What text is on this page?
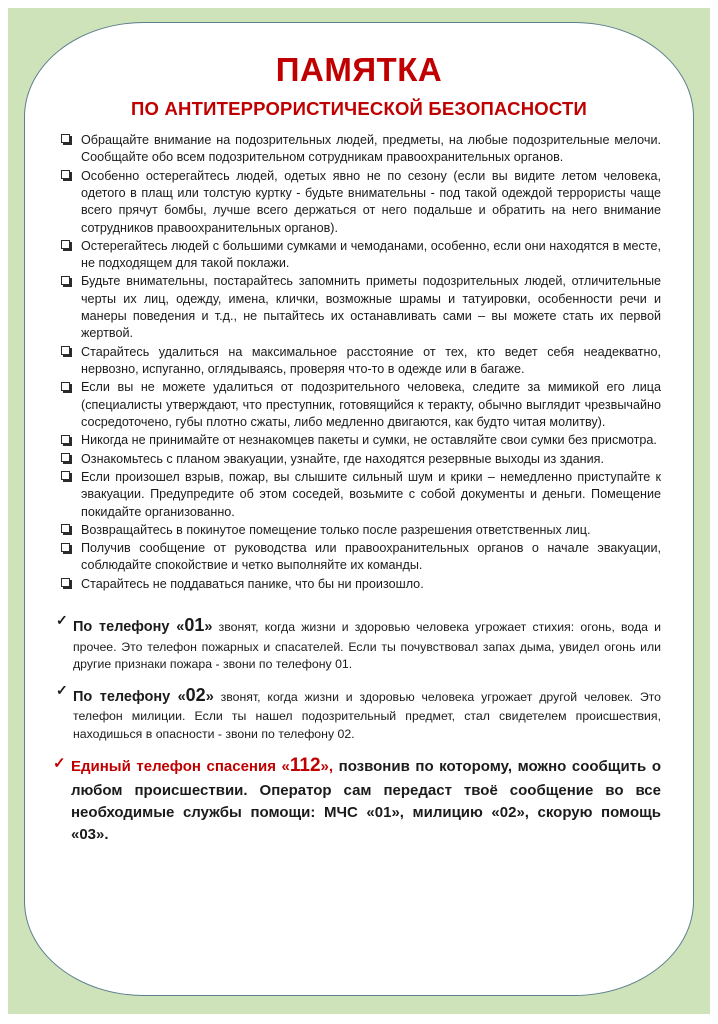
ПАМЯТКА
ПО АНТИТЕРРОРИСТИЧЕСКОЙ БЕЗОПАСНОСТИ
Обращайте внимание на подозрительных людей, предметы, на любые подозрительные мелочи. Сообщайте обо всем подозрительном сотрудникам правоохранительных органов.
Особенно остерегайтесь людей, одетых явно не по сезону (если вы видите летом человека, одетого в плащ или толстую куртку - будьте внимательны - под такой одеждой террористы чаще всего прячут бомбы, лучше всего держаться от него подальше и обратить на него внимание сотрудников правоохранительных органов).
Остерегайтесь людей с большими сумками и чемоданами, особенно, если они находятся в месте, не подходящем для такой поклажи.
Будьте внимательны, постарайтесь запомнить приметы подозрительных людей, отличительные черты их лиц, одежду, имена, клички, возможные шрамы и татуировки, особенности речи и манеры поведения и т.д., не пытайтесь их останавливать сами – вы можете стать их первой жертвой.
Старайтесь удалиться на максимальное расстояние от тех, кто ведет себя неадекватно, нервозно, испуганно, оглядываясь, проверяя что-то в одежде или в багаже.
Если вы не можете удалиться от подозрительного человека, следите за мимикой его лица (специалисты утверждают, что преступник, готовящийся к теракту, обычно выглядит чрезвычайно сосредоточено, губы плотно сжаты, либо медленно двигаются, как будто читая молитву).
Никогда не принимайте от незнакомцев пакеты и сумки, не оставляйте свои сумки без присмотра.
Ознакомьтесь с планом эвакуации, узнайте, где находятся резервные выходы из здания.
Если произошел взрыв, пожар, вы слышите сильный шум и крики – немедленно приступайте к эвакуации. Предупредите об этом соседей, возьмите с собой документы и деньги. Помещение покидайте организованно.
Возвращайтесь в покинутое помещение только после разрешения ответственных лиц.
Получив сообщение от руководства или правоохранительных органов о начале эвакуации, соблюдайте спокойствие и четко выполняйте их команды.
Старайтесь не поддаваться панике, что бы ни произошло.
✓ По телефону «01» звонят, когда жизни и здоровью человека угрожает стихия: огонь, вода и прочее. Это телефон пожарных и спасателей. Если ты почувствовал запах дыма, увидел огонь или другие признаки пожара - звони по телефону 01.
✓ По телефону «02» звонят, когда жизни и здоровью человека угрожает другой человек. Это телефон милиции. Если ты нашел подозрительный предмет, стал свидетелем происшествия, находишься в опасности - звони по телефону 02.
✓ Единый телефон спасения «112», позвонив по которому, можно сообщить о любом происшествии. Оператор сам передаст твоё сообщение во все необходимые службы помощи: МЧС «01», милицию «02», скорую помощь «03».
